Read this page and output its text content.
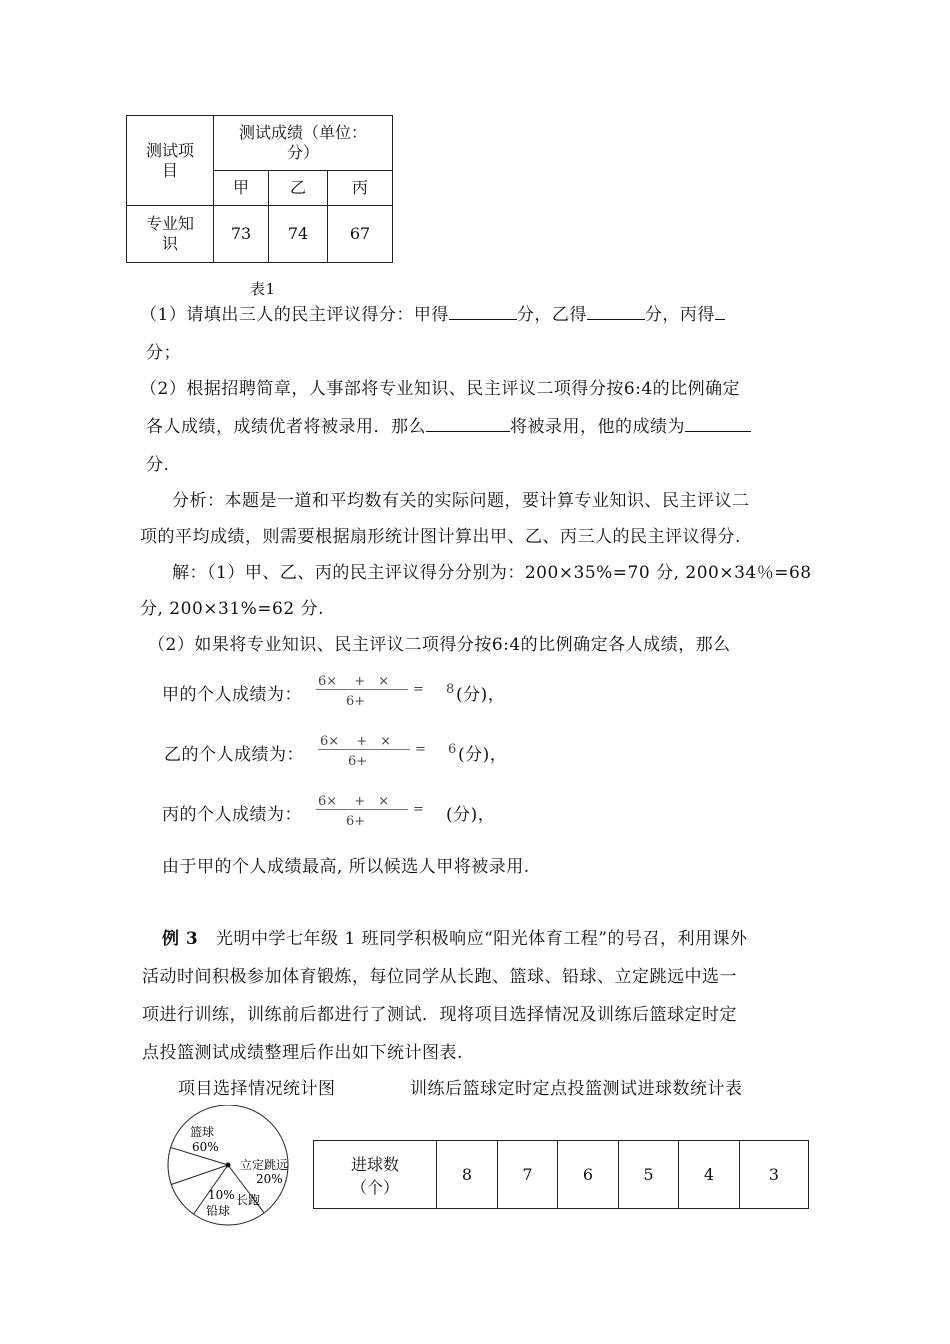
测试项
目	测试成绩（单位：
分）		
	甲	乙	丙
专业知
识	73	74	67
表1
（1）请填出三人的民主评议得分：甲得	分，乙得	分，丙得
分；
（2）根据招聘简章，人事部将专业知识、民主评议二项得分按6:4的比例确定
各人成绩，成绩优者将被录用．那么	将被录用，他的成绩为
分.
分析：本题是一道和平均数有关的实际问题，要计算专业知识、民主评议二
项的平均成绩，则需要根据扇形统计图计算出甲、乙、丙三人的民主评议得分.
解：（1）甲、乙、丙的民主评议得分分别为：200×35%=70 分, 200×34％=68
分, 200×31%=62 分.
（2）如果将专业知识、民主评议二项得分按6:4的比例确定各人成绩，那么
甲的个人成绩为：
6×　 +　×
6+
= 8 (分)，
乙的个人成绩为：
6×　 +　×
6+
= 6 (分)，
丙的个人成绩为：
6×　 +　×
6+
= (分)，
由于甲的个人成绩最高, 所以候选人甲将被录用.
例 3 光明中学七年级 1 班同学积极响应“阳光体育工程”的号召，利用课外
活动时间积极参加体育锻炼，每位同学从长跑、篮球、铅球、立定跳远中选一
项进行训练，训练前后都进行了测试．现将项目选择情况及训练后篮球定时定
点投篮测试成绩整理后作出如下统计图表.
项目选择情况统计图	训练后篮球定时定点投篮测试进球数统计表
篮球
60%
立定跳远
20%
长跑
10%
铅球
进球数
（个）	8	7	6	5	4	3
